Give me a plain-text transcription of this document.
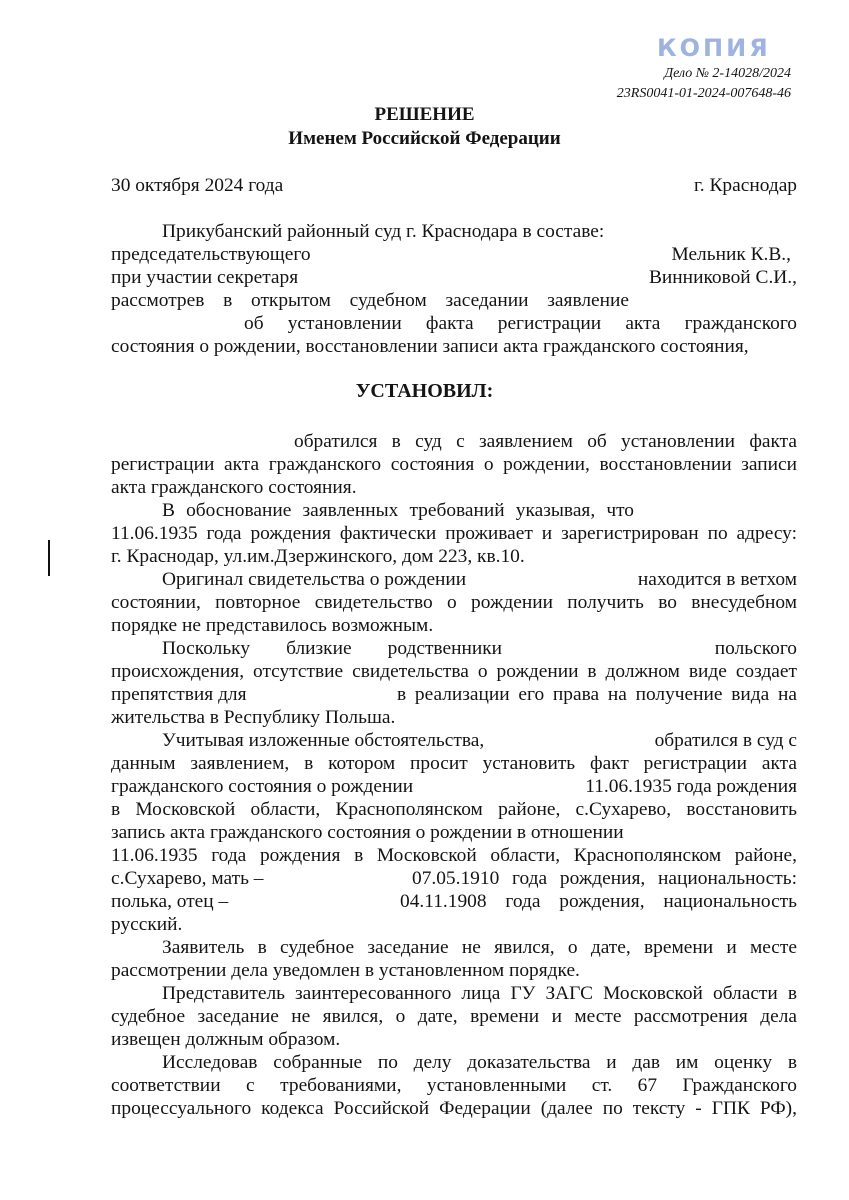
КОПИЯ
Дело № 2-14028/2024
23RS0041-01-2024-007648-46
РЕШЕНИЕ
Именем Российской Федерации
30 октября 2024 года	г. Краснодар
Прикубанский районный суд г. Краснодара в составе:
председательствующего	Мельник К.В.,
при участии секретаря	Винниковой С.И.,
рассмотрев в открытом судебном заседании заявление
об установлении факта регистрации акта гражданского
состояния о рождении, восстановлении записи акта гражданского состояния,
УСТАНОВИЛ:
обратился в суд с заявлением об установлении факта
регистрации акта гражданского состояния о рождении, восстановлении записи
акта гражданского состояния.
В обоснование заявленных требований указывая, что
11.06.1935 года рождения фактически проживает и зарегистрирован по адресу:
г. Краснодар, ул.им.Дзержинского, дом 223, кв.10.
Оригинал свидетельства о рождении	находится в ветхом
состоянии, повторное свидетельство о рождении получить во внесудебном
порядке не представилось возможным.
Поскольку близкие родственники	польского
происхождения, отсутствие свидетельства о рождении в должном виде создает
препятствия для	в реализации его права на получение вида на
жительства в Республику Польша.
Учитывая изложенные обстоятельства,	обратился в суд с
данным заявлением, в котором просит установить факт регистрации акта
гражданского состояния о рождении	11.06.1935 года рождения
в Московской области, Краснополянском районе, с.Сухарево, восстановить
запись акта гражданского состояния о рождении в отношении
11.06.1935 года рождения в Московской области, Краснополянском районе,
с.Сухарево, мать –	07.05.1910 года рождения, национальность:
полька, отец –	04.11.1908 года рождения, национальность
русский.
Заявитель в судебное заседание не явился, о дате, времени и месте
рассмотрении дела уведомлен в установленном порядке.
Представитель заинтересованного лица ГУ ЗАГС Московской области в
судебное заседание не явился, о дате, времени и месте рассмотрения дела
извещен должным образом.
Исследовав собранные по делу доказательства и дав им оценку в
соответствии с требованиями, установленными ст. 67 Гражданского
процессуального кодекса Российской Федерации (далее по тексту - ГПК РФ),
